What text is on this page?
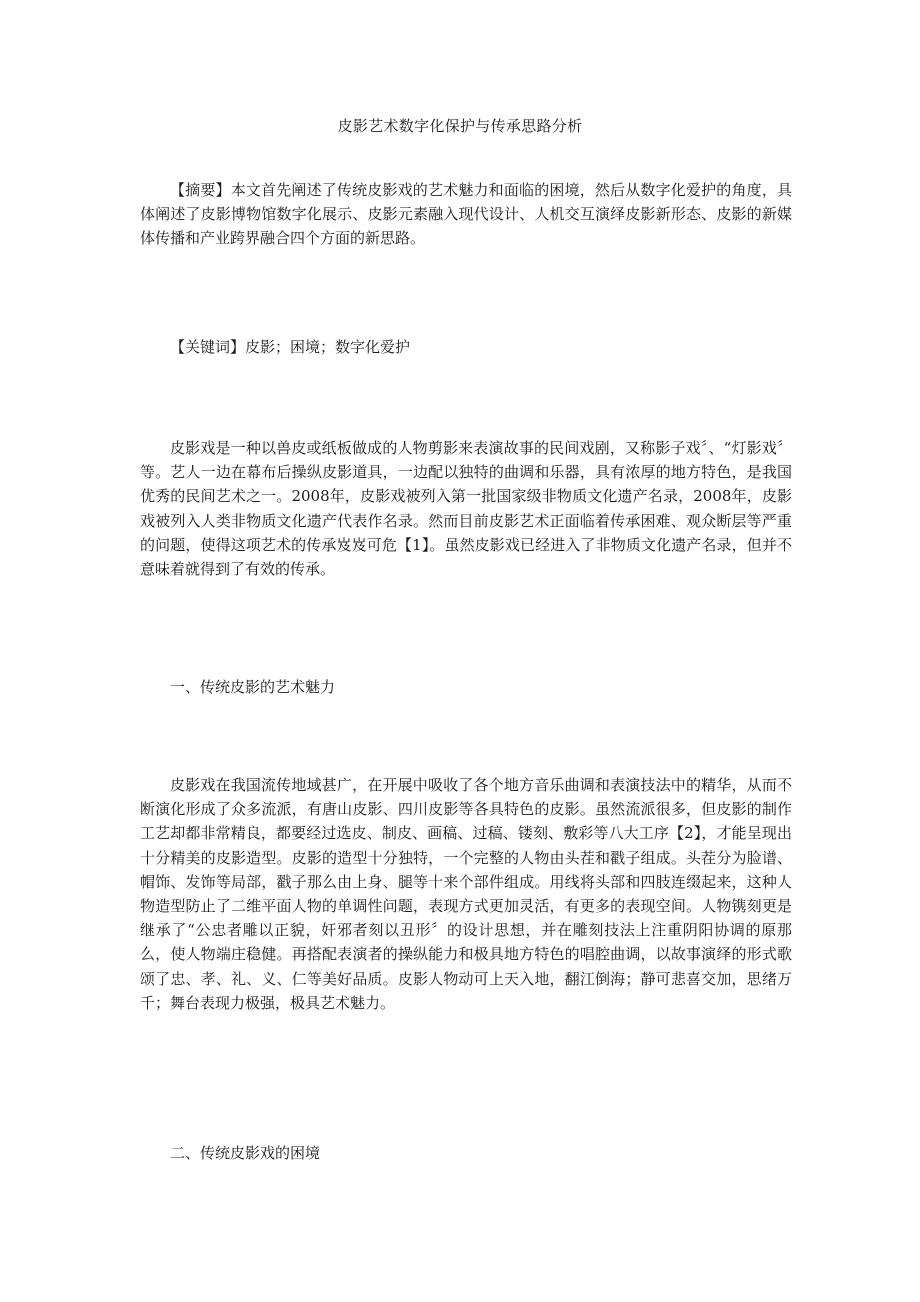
皮影艺术数字化保护与传承思路分析

【摘要】本文首先阐述了传统皮影戏的艺术魅力和面临的困境，然后从数字化爱护的角度，具体阐述了皮影博物馆数字化展示、皮影元素融入现代设计、人机交互演绎皮影新形态、皮影的新媒体传播和产业跨界融合四个方面的新思路。

【关键词】皮影；困境；数字化爱护

皮影戏是一种以兽皮或纸板做成的人物剪影来表演故事的民间戏剧，又称影子戏〞、“灯影戏〞等。艺人一边在幕布后操纵皮影道具，一边配以独特的曲调和乐器，具有浓厚的地方特色，是我国优秀的民间艺术之一。2008年，皮影戏被列入第一批国家级非物质文化遗产名录，2008年，皮影戏被列入人类非物质文化遗产代表作名录。然而目前皮影艺术正面临着传承困难、观众断层等严重的问题，使得这项艺术的传承岌岌可危【1】。虽然皮影戏已经进入了非物质文化遗产名录，但并不意味着就得到了有效的传承。

一、传统皮影的艺术魅力

皮影戏在我国流传地域甚广，在开展中吸收了各个地方音乐曲调和表演技法中的精华，从而不断演化形成了众多流派，有唐山皮影、四川皮影等各具特色的皮影。虽然流派很多，但皮影的制作工艺却都非常精良，都要经过选皮、制皮、画稿、过稿、镂刻、敷彩等八大工序【2】，才能呈现出十分精美的皮影造型。皮影的造型十分独特，一个完整的人物由头茬和戳子组成。头茬分为脸谱、帽饰、发饰等局部，戳子那么由上身、腿等十来个部件组成。用线将头部和四肢连缀起来，这种人物造型防止了二维平面人物的单调性问题，表现方式更加灵活，有更多的表现空间。人物镌刻更是继承了“公忠者雕以正貌，奸邪者刻以丑形〞的设计思想，并在雕刻技法上注重阴阳协调的原那么，使人物端庄稳健。再搭配表演者的操纵能力和极具地方特色的唱腔曲调，以故事演绎的形式歌颂了忠、孝、礼、义、仁等美好品质。皮影人物动可上天入地，翻江倒海；静可悲喜交加，思绪万千；舞台表现力极强，极具艺术魅力。

二、传统皮影戏的困境
